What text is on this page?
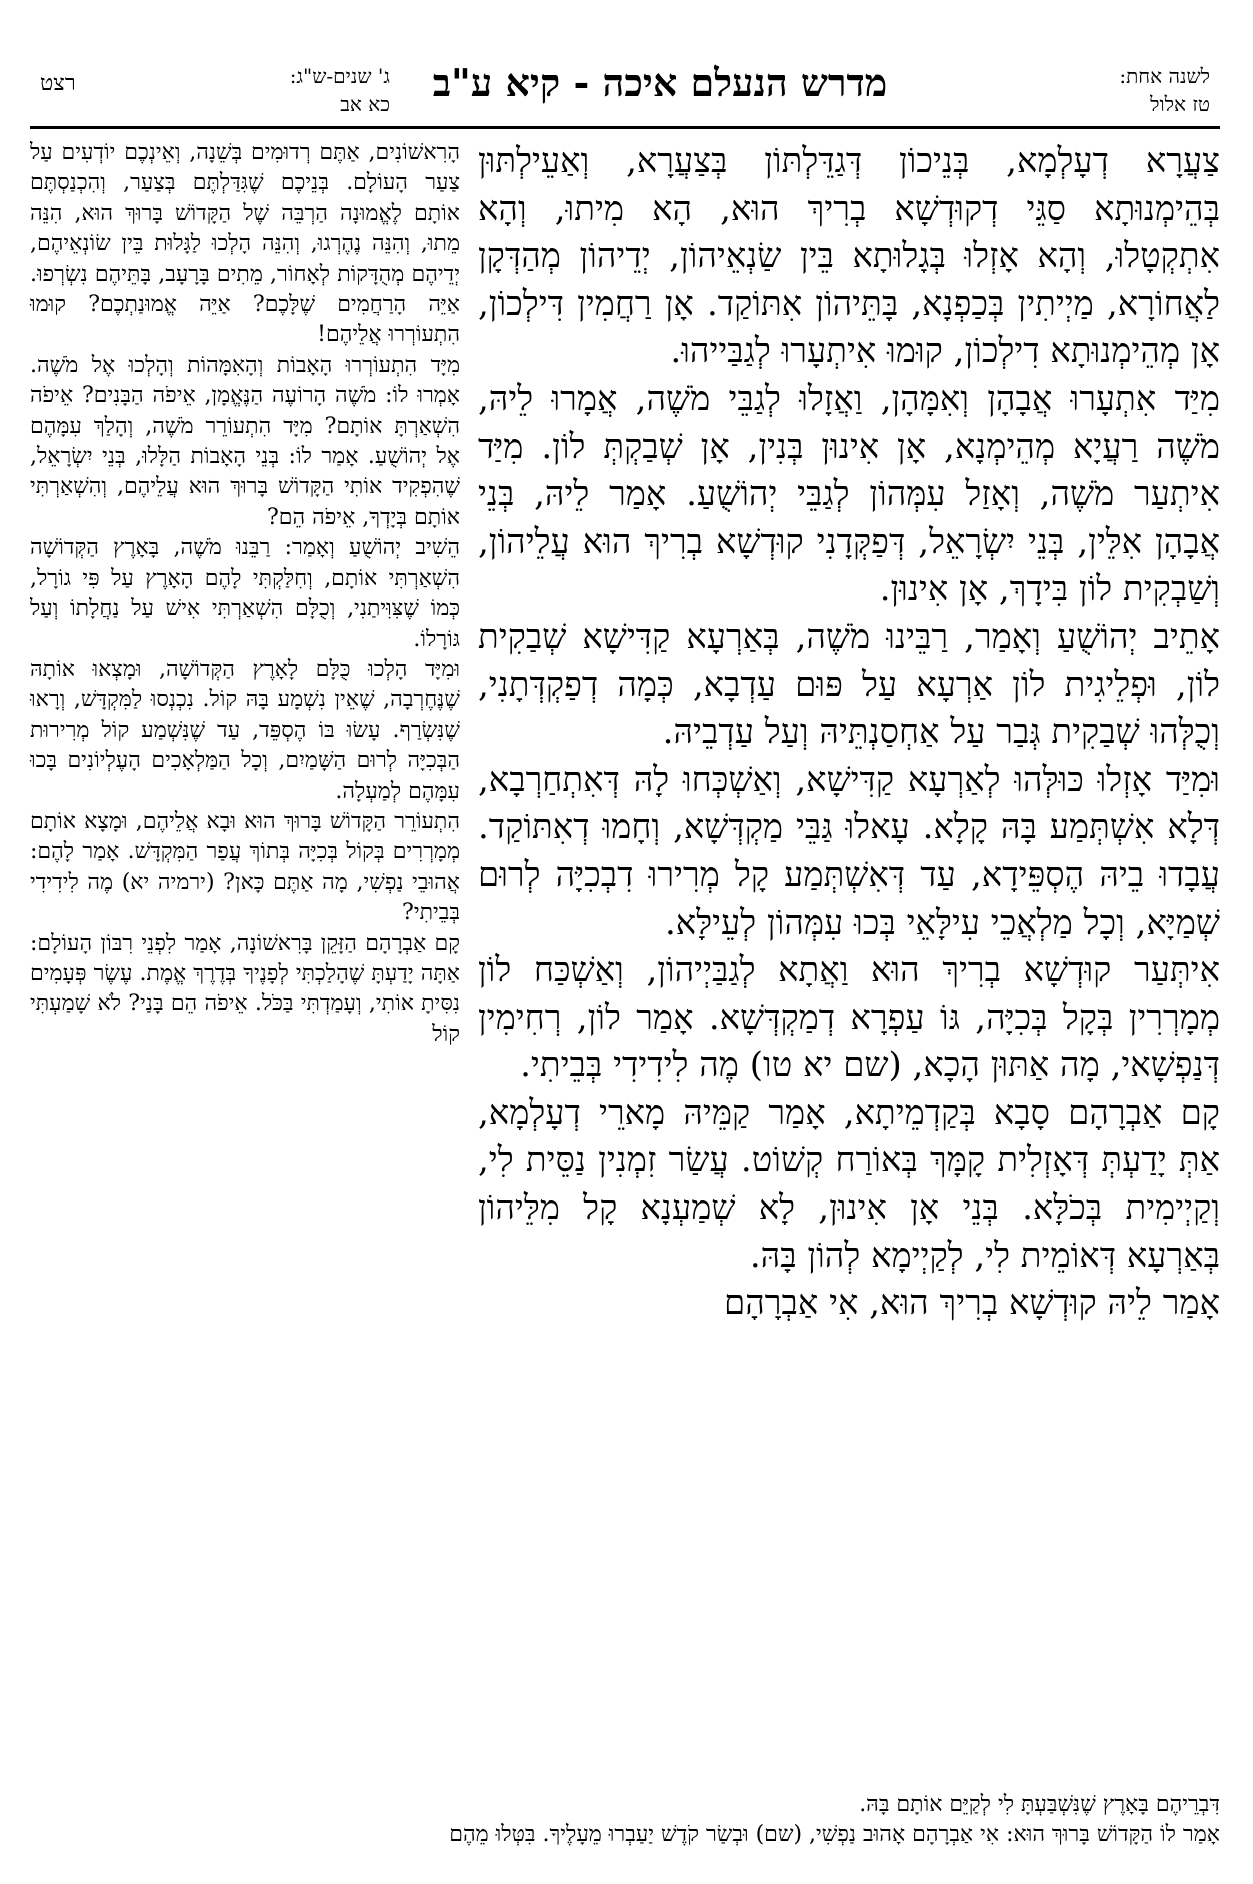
רצט	ג' שנים-ש"ג:
כא אב	מדרש הנעלם איכה - קיא ע"ב	לשנה אחת:
טז אלול

צַעֲרָא דְעָלְמָא, בְּנֵיכוֹן דְּגַדֵּלְתּוֹן בְּצַעֲרָא, וְאַעֵילְתּוּן בְּהֵימְנוּתָא סַגֵּי דְקוּדְשָׁא בְרִיךְ הוּא, הָא מִיתוּ, וְהָא אִתְקְטָלוּ, וְהָא אָזְלוּ בְּגָלוּתָא בֵּין שַׂנְאֵיהוֹן, יְדֵיהוֹן מְהַדְּקָן לַאֲחוֹרָא, מַיְיתִין בְּכַפְנָא, בָּתֵּיהוֹן אִתּוֹקַד. אָן רַחֲמִין דִּילְכוֹן, אָן מְהֵימְנוּתָא דִילְכוֹן, קוּמוּ אִיתְעָרוּ לְגַבַּייהוּ.

מִיַּד אִתְעָרוּ אֲבָהָן וְאִמָּהָן, וַאֲזָלוּ לְגַבֵּי מֹשֶׁה, אֲמָרוּ לֵיהּ, מֹשֶׁה רַעֲיָא מְהֵימְנָא, אָן אִינוּן בְּנִין, אָן שְׁבַקְתְּ לוֹן. מִיַּד אִיתְעַר מֹשֶׁה, וְאָזַל עִמְּהוֹן לְגַבֵּי יְהוֹשֻׁעַ. אָמַר לֵיהּ, בְּנֵי אֲבָהָן אִלֵּין, בְּנֵי יִשְׂרָאֵל, דְּפַקְּדָנִי קוּדְשָׁא בְרִיךְ הוּא עֲלֵיהוֹן, וְשַׁבְקִית לוֹן בִּידָךְ, אָן אִינוּן.

אָתֵיב יְהוֹשֻׁעַ וְאָמַר, רַבֵּינוּ מֹשֶׁה, בְּאַרְעָא קַדִּישָׁא שְׁבַקִית לוֹן, וּפְלֵיגִית לוֹן אַרְעָא עַל פּוּם עַדְבָא, כְּמָה דְפַקְדְּתָנִי, וְכֻלְּהוּ שְׁבַקִית גְּבַר עַל אַחְסַנְתֵּיהּ וְעַל עַדְבֵיהּ.

וּמִיַּד אָזְלוּ כּוּלְּהוּ לְאַרְעָא קַדִּישָׁא, וְאַשְׁכְּחוּ לָהּ דְּאִתְחַרְבָא, דְּלָא אִשְׁתְּמַע בָּהּ קָלָא. עָאלוּ גַּבֵּי מַקְדְּשָׁא, וְחָמוּ דְאִתּוֹקַד. עֲבָדוּ בֵיהּ הֶסְפֵּידָא, עַד דְּאִשְׁתְּמַע קָל מְרִירוּ דִבְכִיָּה לְרוּם שְׁמַיָּא, וְכָל מַלְאֲכֵי עִילָּאֵי בְּכוּ עִמְּהוֹן לְעֵילָּא.

אִיתְּעַר קוּדְשָׁא בְרִיךְ הוּא וַאֲתָא לְגַבַּיְיהוֹן, וְאַשְׁכַּח לוֹן מְמָרְרִין בְּקָל בְּכִיָּה, גּוֹ עַפְרָא דְמַקְדְּשָׁא. אָמַר לוֹן, רְחִימִין דְּנַפְשָׁאי, מָה אַתּוּן הָכָא, (שם יא טו) מֶה לִידִידִי בְּבֵיתִי.

קָם אַבְרָהָם סָבָא בְּקַדְמֵיתָא, אָמַר קַמֵּיהּ מָארֵי דְעָלְמָא, אַתְּ יָדַעְתְּ דְּאָזְלִית קָמָּךְ בְּאוֹרַח קְשׁוֹט. עֲשַׂר זִמְנִין נַסֵּית לִי, וְקַיְימִית בְּכֹלָּא. בְּנֵי אָן אִינוּן, לָא שְׁמַעְנָא קָל מִלֵּיהוֹן בְּאַרְעָא דְּאוֹמֵית לִי, לְקַיְימָא לְהוֹן בָּהּ.

אָמַר לֵיהּ קוּדְשָׁא בְרִיךְ הוּא, אִי אַבְרָהָם

הָרִאשׁוֹנִים, אַתֶּם רְדוּמִים בְּשֵׁנָה, וְאֵינְכֶם יוֹדְעִים עַל צַעַר הָעוֹלָם. בְּנֵיכֶם שֶׁגִּדַּלְתֶּם בְּצַעַר, וְהִכְנַסְתֶּם אוֹתָם לֶאֱמוּנָה הַרְבֵּה שֶׁל הַקָּדוֹשׁ בָּרוּךְ הוּא, הִנֵּה מֵתוּ, וְהִנֵּה נֶהֶרְגוּ, וְהִנֵּה הָלְכוּ לַגָּלוּת בֵּין שׂוֹנְאֵיהֶם, יְדֵיהֶם מְהֻדָּקוֹת לְאָחוֹר, מֵתִים בָּרָעָב, בָּתֵּיהֶם נִשְׂרְפוּ. אַיֵּה הָרַחֲמִים שֶׁלָּכֶם? אַיֵּה אֱמוּנַתְכֶם? קוּמוּ הִתְעוֹרְרוּ אֲלֵיהֶם!

מִיָּד הִתְעוֹרְרוּ הָאָבוֹת וְהָאִמָּהוֹת וְהָלְכוּ אֶל מֹשֶׁה. אָמְרוּ לוֹ: מֹשֶׁה הָרוֹעֶה הַנֶּאֱמָן, אֵיפֹה הַבָּנִים? אֵיפֹה הִשְׁאַרְתָּ אוֹתָם? מִיָּד הִתְעוֹרֵר מֹשֶׁה, וְהָלַךְ עִמָּהֶם אֶל יְהוֹשֻׁעַ. אָמַר לוֹ: בְּנֵי הָאָבוֹת הַלָּלוּ, בְּנֵי יִשְׂרָאֵל, שֶׁהִפְקִיד אוֹתִי הַקָּדוֹשׁ בָּרוּךְ הוּא עֲלֵיהֶם, וְהִשְׁאַרְתִּי אוֹתָם בְּיָדְךָ, אֵיפֹה הֵם?

הֵשִׁיב יְהוֹשֻׁעַ וְאָמַר: רַבֵּנוּ מֹשֶׁה, בָּאָרֶץ הַקְּדוֹשָׁה הִשְׁאַרְתִּי אוֹתָם, וְחִלַּקְתִּי לָהֶם הָאָרֶץ עַל פִּי גוֹרָל, כְּמוֹ שֶׁצִּוִּיתַנִי, וְכֻלָּם הִשְׁאַרְתִּי אִישׁ עַל נַחֲלָתוֹ וְעַל גּוֹרָלוֹ.

וּמִיָּד הָלְכוּ כֻּלָּם לָאָרֶץ הַקְּדוֹשָׁה, וּמָצְאוּ אוֹתָהּ שֶׁנֶּחֶרְבָה, שֶׁאֵין נִשְׁמָע בָּהּ קוֹל. נִכְנְסוּ לַמִּקְדָּשׁ, וְרָאוּ שֶׁנִּשְׂרַף. עָשׂוּ בּוֹ הֶסְפֵּד, עַד שֶׁנִּשְׁמַע קוֹל מְרִירוּת הַבְּכִיָּה לְרוּם הַשָּׁמַיִם, וְכָל הַמַּלְאָכִים הָעֶלְיוֹנִים בָּכוּ עִמָּהֶם לְמַעְלָה.

הִתְעוֹרֵר הַקָּדוֹשׁ בָּרוּךְ הוּא וּבָא אֲלֵיהֶם, וּמָצָא אוֹתָם מְמָרְרִים בְּקוֹל בְּכִיָּה בְּתוֹךְ עֲפַר הַמִּקְדָּשׁ. אָמַר לָהֶם: אֲהוּבֵי נַפְשִׁי, מָה אַתֶּם כָּאן? (ירמיה יא) מֶה לִידִידִי בְּבֵיתִי?

קָם אַבְרָהָם הַזָּקֵן בָּרִאשׁוֹנָה, אָמַר לִפְנֵי רִבּוֹן הָעוֹלָם: אַתָּה יָדַעְתָּ שֶׁהָלַכְתִּי לְפָנֶיךָ בְּדֶרֶךְ אֱמֶת. עֶשֶׂר פְּעָמִים נִסִּיתָ אוֹתִי, וְעָמַדְתִּי בַּכֹּל. אֵיפֹה הֵם בָּנַי? לֹא שָׁמַעְתִּי קוֹל

דִּבְרֵיהֶם בָּאָרֶץ שֶׁנִּשְׁבַּעְתָּ לִי לְקַיֵּם אוֹתָם בָּהּ.

אָמַר לוֹ הַקָּדוֹשׁ בָּרוּךְ הוּא: אִי אַבְרָהָם אָהוּב נַפְשִׁי, (שם) וּבְשַׂר קֹדֶשׁ יַעַבְרוּ מֵעָלֶיךָ. בִּטְּלוּ מֵהֶם
